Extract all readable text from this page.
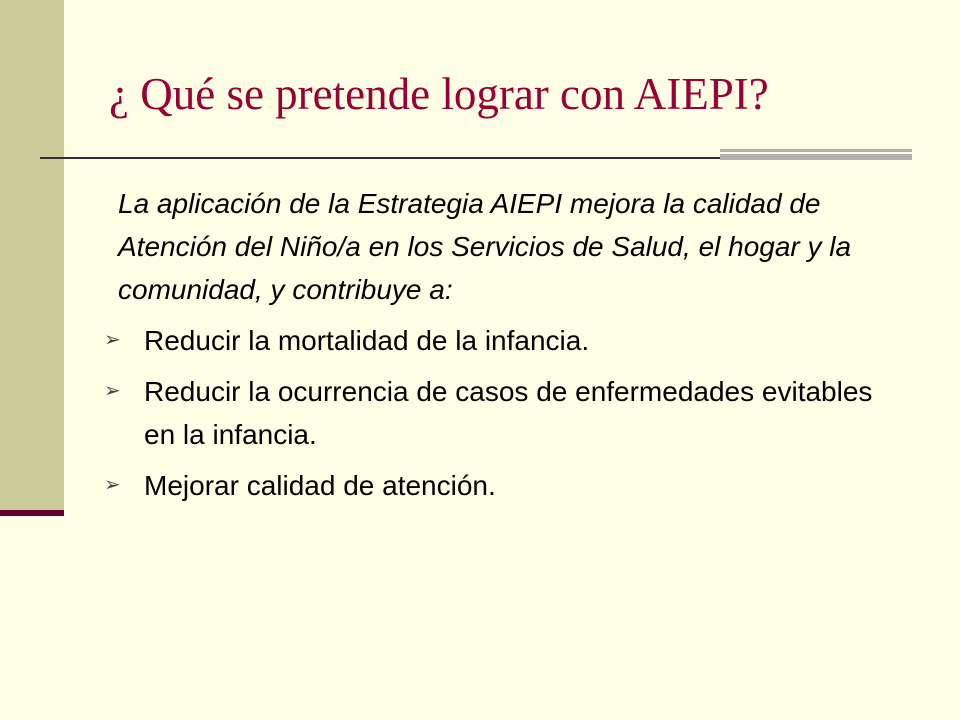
¿ Qué se pretende lograr con AIEPI?

La aplicación de la Estrategia AIEPI mejora la calidad de Atención del Niño/a en los Servicios de Salud, el hogar y la comunidad, y contribuye a:

➢ Reducir la mortalidad de la infancia.
➢ Reducir la ocurrencia de casos de enfermedades evitables en la infancia.
➢ Mejorar calidad de atención.
